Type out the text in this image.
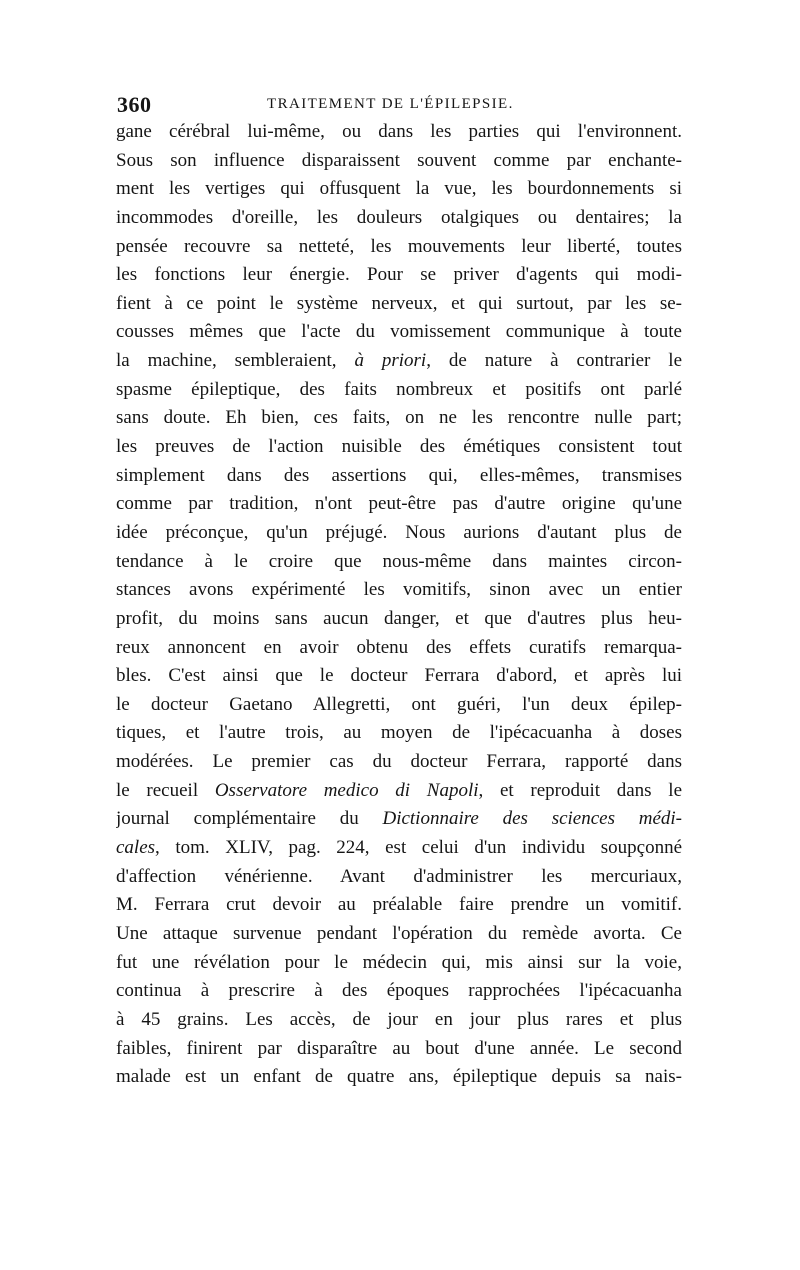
360	TRAITEMENT DE L'ÉPILEPSIE.
gane cérébral lui-même, ou dans les parties qui l'environnent.
Sous son influence disparaissent souvent comme par enchante-
ment les vertiges qui offusquent la vue, les bourdonnements si
incommodes d'oreille, les douleurs otalgiques ou dentaires; la
pensée recouvre sa netteté, les mouvements leur liberté, toutes
les fonctions leur énergie. Pour se priver d'agents qui modi-
fient à ce point le système nerveux, et qui surtout, par les se-
cousses mêmes que l'acte du vomissement communique à toute
la machine, sembleraient, à priori, de nature à contrarier le
spasme épileptique, des faits nombreux et positifs ont parlé
sans doute. Eh bien, ces faits, on ne les rencontre nulle part;
les preuves de l'action nuisible des émétiques consistent tout
simplement dans des assertions qui, elles-mêmes, transmises
comme par tradition, n'ont peut-être pas d'autre origine qu'une
idée préconçue, qu'un préjugé. Nous aurions d'autant plus de
tendance à le croire que nous-même dans maintes circon-
stances avons expérimenté les vomitifs, sinon avec un entier
profit, du moins sans aucun danger, et que d'autres plus heu-
reux annoncent en avoir obtenu des effets curatifs remarqua-
bles. C'est ainsi que le docteur Ferrara d'abord, et après lui
le docteur Gaetano Allegretti, ont guéri, l'un deux épilep-
tiques, et l'autre trois, au moyen de l'ipécacuanha à doses
modérées. Le premier cas du docteur Ferrara, rapporté dans
le recueil Osservatore medico di Napoli, et reproduit dans le
journal complémentaire du Dictionnaire des sciences médi-
cales, tom. XLIV, pag. 224, est celui d'un individu soupçonné
d'affection vénérienne. Avant d'administrer les mercuriaux,
M. Ferrara crut devoir au préalable faire prendre un vomitif.
Une attaque survenue pendant l'opération du remède avorta. Ce
fut une révélation pour le médecin qui, mis ainsi sur la voie,
continua à prescrire à des époques rapprochées l'ipécacuanha
à 45 grains. Les accès, de jour en jour plus rares et plus
faibles, finirent par disparaître au bout d'une année. Le second
malade est un enfant de quatre ans, épileptique depuis sa nais-
